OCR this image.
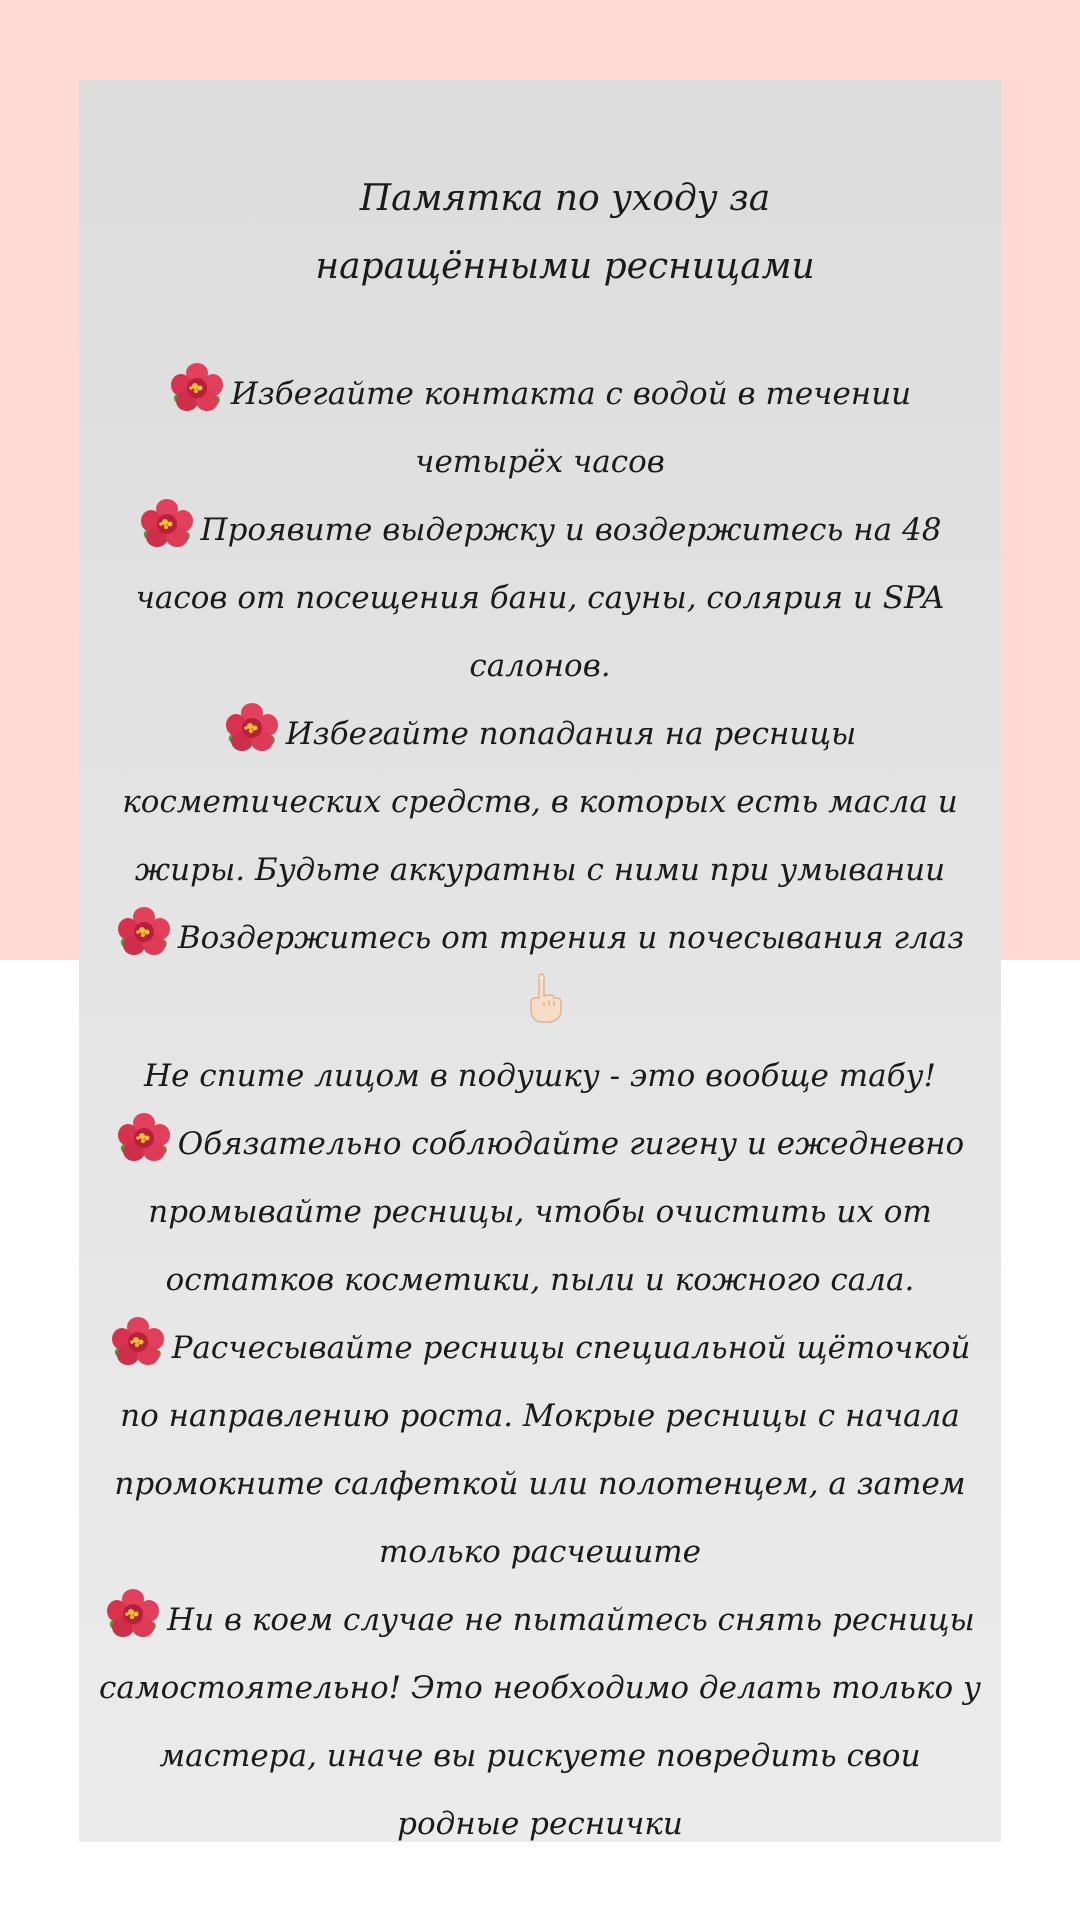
Памятка по уходу за наращёнными ресницами
Избегайте контакта с водой в течении четырёх часов
Проявите выдержку и воздержитесь на 48 часов от посещения бани, сауны, солярия и SPA салонов.
Избегайте попадания на ресницы косметических средств, в которых есть масла и жиры. Будьте аккуратны с ними при умывании
Воздержитесь от трения и почесывания глаз

Не спите лицом в подушку - это вообще табу!
Обязательно соблюдайте гигену и ежедневно промывайте ресницы, чтобы очистить их от остатков косметики, пыли и кожного сала.
Расчесывайте ресницы специальной щёточкой по направлению роста. Мокрые ресницы с начала промокните салфеткой или полотенцем, а затем только расчешите
Ни в коем случае не пытайтесь снять ресницы самостоятельно! Это необходимо делать только у мастера, иначе вы рискуете повредить свои родные реснички
